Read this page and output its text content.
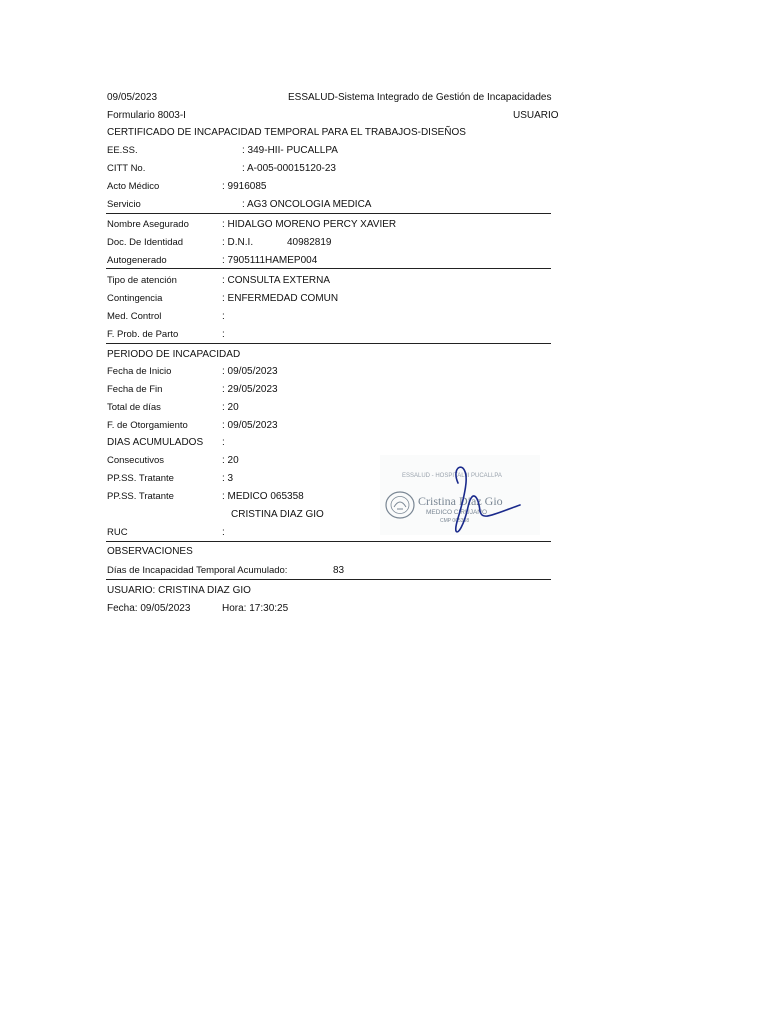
09/05/2023	ESSALUD-Sistema Integrado de Gestión de Incapacidades
Formulario 8003-I	USUARIO
CERTIFICADO DE INCAPACIDAD TEMPORAL PARA EL TRABAJOS-DISEÑOS
EE.SS.	: 349-HII- PUCALLPA
CITT No.	: A-005-00015120-23
Acto Médico	: 9916085
Servicio	: AG3 ONCOLOGIA MEDICA
Nombre Asegurado	: HIDALGO MORENO PERCY XAVIER
Doc. De Identidad	: D.N.I.	40982819
Autogenerado	: 7905111HAMEP004
Tipo de atención	: CONSULTA EXTERNA
Contingencia	: ENFERMEDAD COMUN
Med. Control	:
F. Prob. de Parto	:
PERIODO DE INCAPACIDAD
Fecha de Inicio	: 09/05/2023
Fecha de Fin	: 29/05/2023
Total de días	: 20
F. de Otorgamiento	: 09/05/2023
DIAS ACUMULADOS :
Consecutivos	: 20
PP.SS. Tratante	: 3
PP.SS. Tratante	: MEDICO 065358
CRISTINA DIAZ GIO
RUC	:
ESSALUD - HOSPITAL II PUCALLPA
Cristina Diaz Gio
MEDICO CIRUJANO
CMP 065358
OBSERVACIONES
Días de Incapacidad Temporal Acumulado:	83
USUARIO: CRISTINA DIAZ GIO
Fecha: 09/05/2023	Hora: 17:30:25
